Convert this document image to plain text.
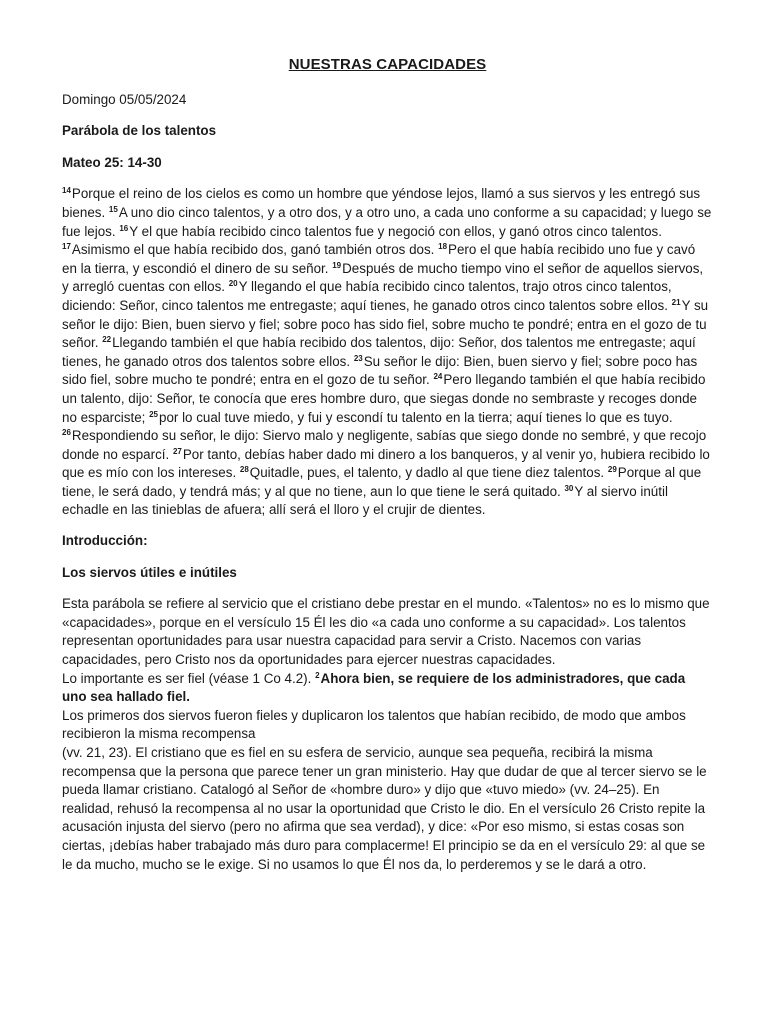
NUESTRAS CAPACIDADES

Domingo 05/05/2024

Parábola de los talentos

Mateo 25: 14-30

$^{14}$Porque el reino de los cielos es como un hombre que yéndose lejos, llamó a sus siervos y les entregó sus bienes. $^{15}$A uno dio cinco talentos, y a otro dos, y a otro uno, a cada uno conforme a su capacidad; y luego se fue lejos. $^{16}$Y el que había recibido cinco talentos fue y negoció con ellos, y ganó otros cinco talentos. $^{17}$Asimismo el que había recibido dos, ganó también otros dos. $^{18}$Pero el que había recibido uno fue y cavó en la tierra, y escondió el dinero de su señor. $^{19}$Después de mucho tiempo vino el señor de aquellos siervos, y arregló cuentas con ellos. $^{20}$Y llegando el que había recibido cinco talentos, trajo otros cinco talentos, diciendo: Señor, cinco talentos me entregaste; aquí tienes, he ganado otros cinco talentos sobre ellos. $^{21}$Y su señor le dijo: Bien, buen siervo y fiel; sobre poco has sido fiel, sobre mucho te pondré; entra en el gozo de tu señor. $^{22}$Llegando también el que había recibido dos talentos, dijo: Señor, dos talentos me entregaste; aquí tienes, he ganado otros dos talentos sobre ellos. $^{23}$Su señor le dijo: Bien, buen siervo y fiel; sobre poco has sido fiel, sobre mucho te pondré; entra en el gozo de tu señor. $^{24}$Pero llegando también el que había recibido un talento, dijo: Señor, te conocía que eres hombre duro, que siegas donde no sembraste y recoges donde no esparciste; $^{25}$por lo cual tuve miedo, y fui y escondí tu talento en la tierra; aquí tienes lo que es tuyo. $^{26}$Respondiendo su señor, le dijo: Siervo malo y negligente, sabías que siego donde no sembré, y que recojo donde no esparcí. $^{27}$Por tanto, debías haber dado mi dinero a los banqueros, y al venir yo, hubiera recibido lo que es mío con los intereses. $^{28}$Quitadle, pues, el talento, y dadlo al que tiene diez talentos. $^{29}$Porque al que tiene, le será dado, y tendrá más; y al que no tiene, aun lo que tiene le será quitado. $^{30}$Y al siervo inútil echadle en las tinieblas de afuera; allí será el lloro y el crujir de dientes.

Introducción:

Los siervos útiles e inútiles

Esta parábola se refiere al servicio que el cristiano debe prestar en el mundo. «Talentos» no es lo mismo que «capacidades», porque en el versículo 15 Él les dio «a cada uno conforme a su capacidad». Los talentos representan oportunidades para usar nuestra capacidad para servir a Cristo. Nacemos con varias capacidades, pero Cristo nos da oportunidades para ejercer nuestras capacidades.

Lo importante es ser fiel (véase 1 Co 4.2). $^2$Ahora bien, se requiere de los administradores, que cada uno sea hallado fiel.

Los primeros dos siervos fueron fieles y duplicaron los talentos que habían recibido, de modo que ambos recibieron la misma recompensa

(vv. 21, 23). El cristiano que es fiel en su esfera de servicio, aunque sea pequeña, recibirá la misma recompensa que la persona que parece tener un gran ministerio. Hay que dudar de que al tercer siervo se le pueda llamar cristiano. Catalogó al Señor de «hombre duro» y dijo que «tuvo miedo» (vv. 24–25). En realidad, rehusó la recompensa al no usar la oportunidad que Cristo le dio. En el versículo 26 Cristo repite la acusación injusta del siervo (pero no afirma que sea verdad), y dice: «Por eso mismo, si estas cosas son ciertas, ¡debías haber trabajado más duro para complacerme! El principio se da en el versículo 29: al que se le da mucho, mucho se le exige. Si no usamos lo que Él nos da, lo perderemos y se le dará a otro.
